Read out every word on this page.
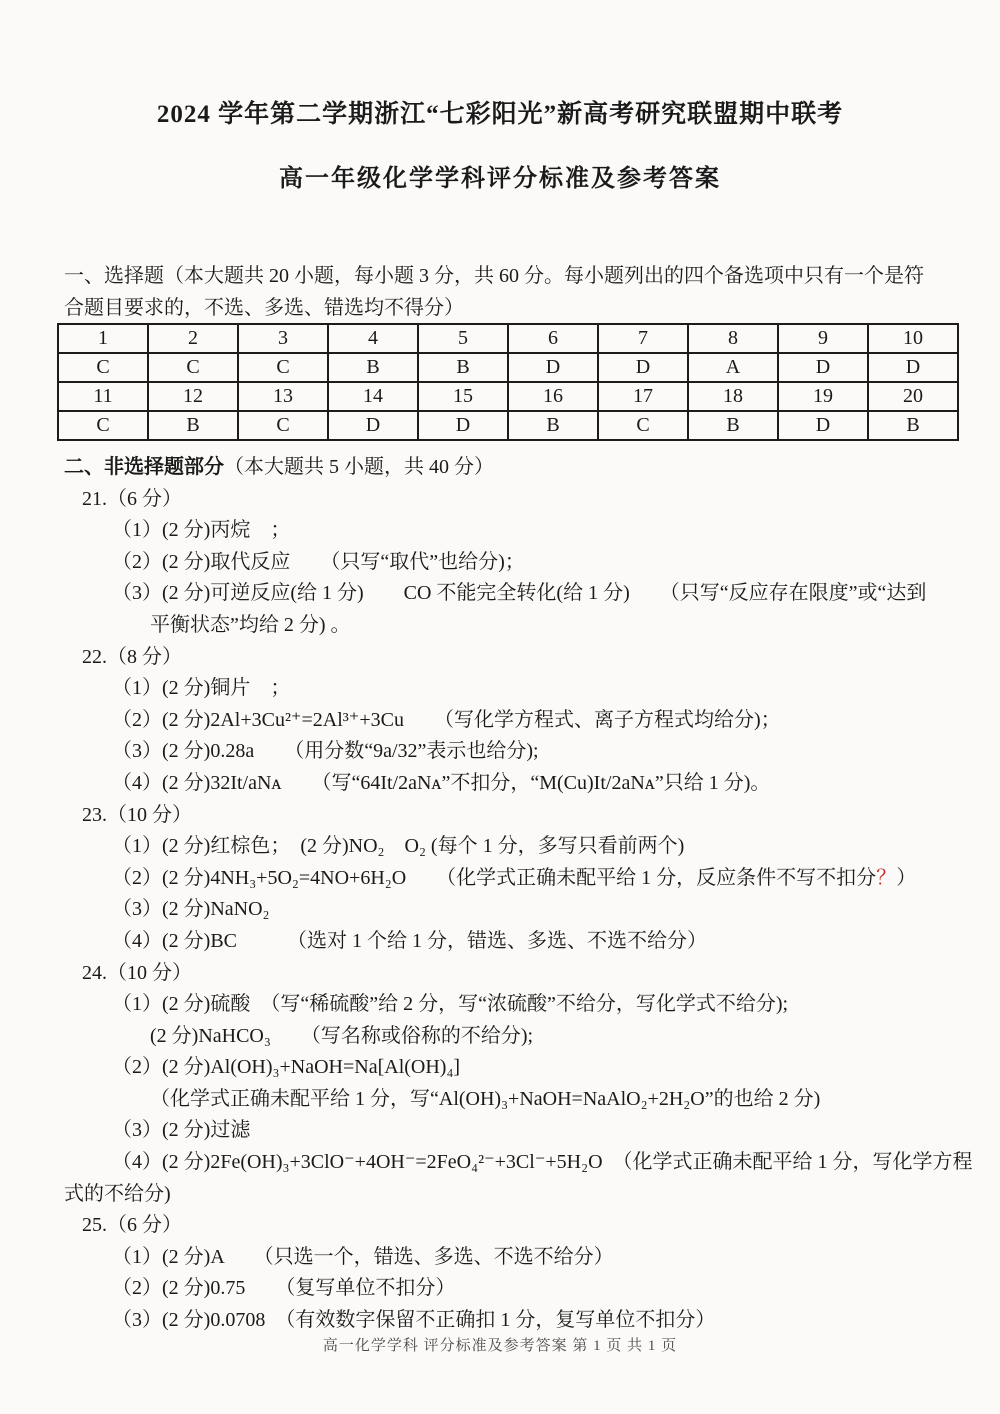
2024 学年第二学期浙江“七彩阳光”新高考研究联盟期中联考
高一年级化学学科评分标准及参考答案
一、选择题（本大题共 20 小题，每小题 3 分，共 60 分。每小题列出的四个备选项中只有一个是符
合题目要求的，不选、多选、错选均不得分）
1	2	3	4	5	6	7	8	9	10
C	C	C	B	B	D	D	A	D	D
11	12	13	14	15	16	17	18	19	20
C	B	C	D	D	B	C	B	D	B
二、非选择题部分（本大题共 5 小题，共 40 分）
21.（6 分）
（1）(2 分)丙烷　；
（2）(2 分)取代反应　　（只写“取代”也给分)；
（3）(2 分)可逆反应(给 1 分)　　CO 不能完全转化(给 1 分)　　（只写“反应存在限度”或“达到
平衡状态”均给 2 分) 。
22.（8 分）
（1）(2 分)铜片　；
（2）(2 分)2Al+3Cu²⁺=2Al³⁺+3Cu　　（写化学方程式、离子方程式均给分)；
（3）(2 分)0.28a　　（用分数“9a/32”表示也给分);
（4）(2 分)32It/aNᴀ　　（写“64It/2aNᴀ”不扣分，“M(Cu)It/2aNᴀ”只给 1 分)。
23.（10 分）
（1）(2 分)红棕色；　(2 分)NO₂　O₂ (每个 1 分，多写只看前两个)
（2）(2 分)4NH₃+5O₂=4NO+6H₂O　　（化学式正确未配平给 1 分，反应条件不写不扣分？）
（3）(2 分)NaNO₂
（4）(2 分)BC　　　（选对 1 个给 1 分，错选、多选、不选不给分）
24.（10 分）
（1）(2 分)硫酸　（写“稀硫酸”给 2 分，写“浓硫酸”不给分，写化学式不给分);
(2 分)NaHCO₃　　（写名称或俗称的不给分);
（2）(2 分)Al(OH)₃+NaOH=Na[Al(OH)₄]
（化学式正确未配平给 1 分，写“Al(OH)₃+NaOH=NaAlO₂+2H₂O”的也给 2 分)
（3）(2 分)过滤
（4）(2 分)2Fe(OH)₃+3ClO⁻+4OH⁻=2FeO₄²⁻+3Cl⁻+5H₂O　（化学式正确未配平给 1 分，写化学方程
式的不给分)
25.（6 分）
（1）(2 分)A　　（只选一个，错选、多选、不选不给分）
（2）(2 分)0.75　　（复写单位不扣分）
（3）(2 分)0.0708　（有效数字保留不正确扣 1 分，复写单位不扣分）
高一化学学科 评分标准及参考答案 第 1 页 共 1 页
